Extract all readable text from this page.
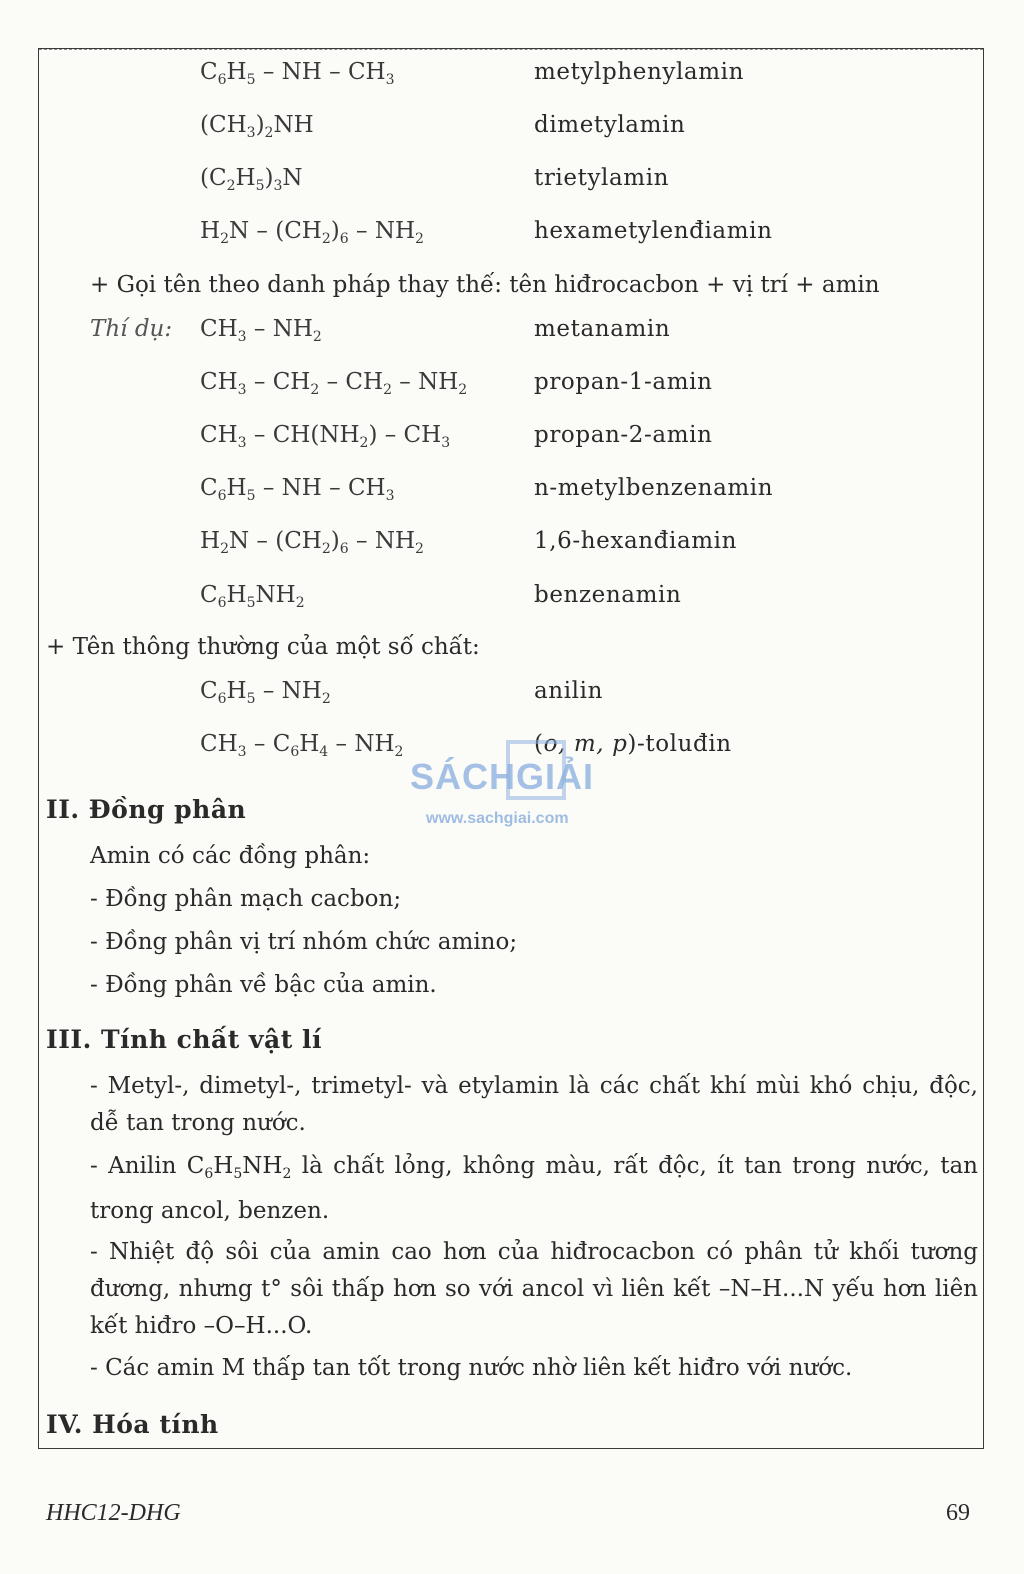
$C_6H_5$ – NH – $CH_3$	metylphenylamin
$(CH_3)_2NH$	dimetylamin
$(C_2H_5)_3N$	trietylamin
$H_2N - (CH_2)_6 - NH_2$	hexametylenđiamin
+ Gọi tên theo danh pháp thay thế: tên hiđrocacbon + vị trí + amin
Thí dụ: $CH_3 - NH_2$	metanamin
$CH_3 - CH_2 - CH_2 - NH_2$	propan-1-amin
$CH_3 - CH(NH_2) - CH_3$	propan-2-amin
$C_6H_5$ – NH – $CH_3$	n-metylbenzenamin
$H_2N - (CH_2)_6 - NH_2$	1,6-hexanđiamin
$C_6H_5NH_2$	benzenamin
+ Tên thông thường của một số chất:
$C_6H_5 - NH_2$	anilin
$CH_3 - C_6H_4 - NH_2$	(o, m, p)-toluđin
SÁCHGIẢI
www.sachgiai.com
II. Đồng phân
Amin có các đồng phân:
- Đồng phân mạch cacbon;
- Đồng phân vị trí nhóm chức amino;
- Đồng phân về bậc của amin.
III. Tính chất vật lí
- Metyl-, dimetyl-, trimetyl- và etylamin là các chất khí mùi khó chịu, độc, dễ tan trong nước.
- Anilin $C_6H_5NH_2$ là chất lỏng, không màu, rất độc, ít tan trong nước, tan trong ancol, benzen.
- Nhiệt độ sôi của amin cao hơn của hiđrocacbon có phân tử khối tương đương, nhưng t° sôi thấp hơn so với ancol vì liên kết –N–H...N yếu hơn liên kết hiđro –O–H...O.
- Các amin M thấp tan tốt trong nước nhờ liên kết hiđro với nước.
IV. Hóa tính
HHC12-DHG	69
